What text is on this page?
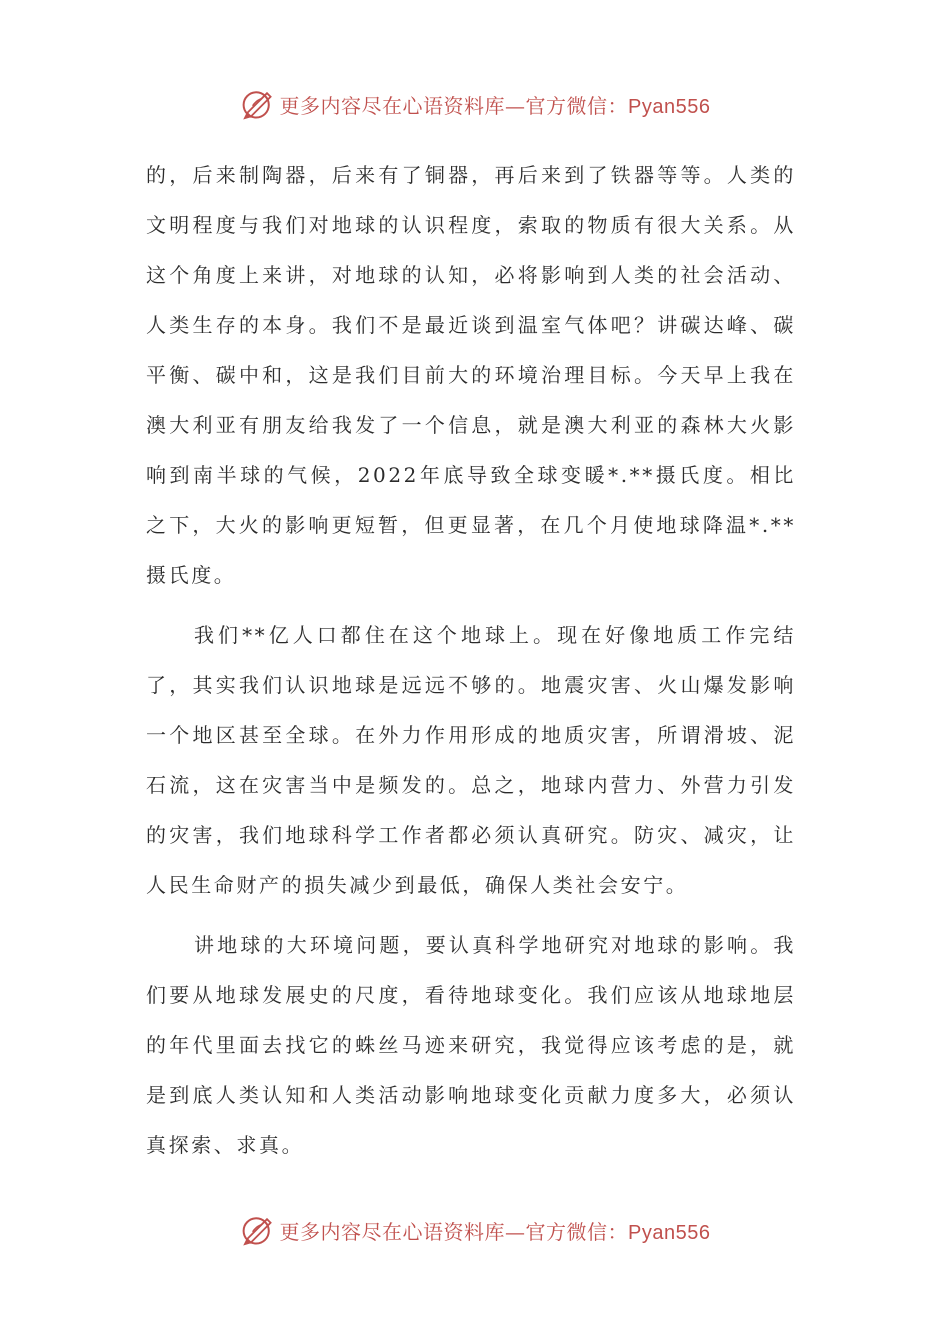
更多内容尽在心语资料库—官方微信：Pyan556

的，后来制陶器，后来有了铜器，再后来到了铁器等等。人类的文明程度与我们对地球的认识程度，索取的物质有很大关系。从这个角度上来讲，对地球的认知，必将影响到人类的社会活动、人类生存的本身。我们不是最近谈到温室气体吧？讲碳达峰、碳平衡、碳中和，这是我们目前大的环境治理目标。今天早上我在澳大利亚有朋友给我发了一个信息，就是澳大利亚的森林大火影响到南半球的气候，2022年底导致全球变暖*.**摄氏度。相比之下，大火的影响更短暂，但更显著，在几个月使地球降温*.**摄氏度。

我们**亿人口都住在这个地球上。现在好像地质工作完结了，其实我们认识地球是远远不够的。地震灾害、火山爆发影响一个地区甚至全球。在外力作用形成的地质灾害，所谓滑坡、泥石流，这在灾害当中是频发的。总之，地球内营力、外营力引发的灾害，我们地球科学工作者都必须认真研究。防灾、减灾，让人民生命财产的损失减少到最低，确保人类社会安宁。

讲地球的大环境问题，要认真科学地研究对地球的影响。我们要从地球发展史的尺度，看待地球变化。我们应该从地球地层的年代里面去找它的蛛丝马迹来研究，我觉得应该考虑的是，就是到底人类认知和人类活动影响地球变化贡献力度多大，必须认真探索、求真。

更多内容尽在心语资料库—官方微信：Pyan556
